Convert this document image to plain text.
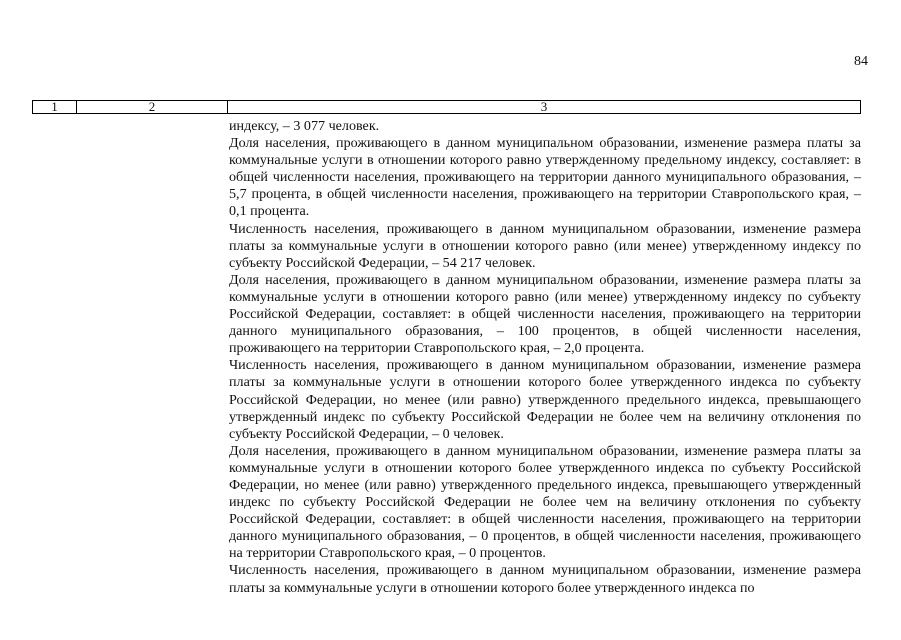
84
1	2	3

индексу, – 3 077 человек.

Доля населения, проживающего в данном муниципальном образовании, изменение размера платы за коммунальные услуги в отношении которого равно утвержденному предельному индексу, составляет: в общей численности населения, проживающего на территории данного муниципального образования, – 5,7 процента, в общей численности населения, проживающего на территории Ставропольского края, – 0,1 процента.

Численность населения, проживающего в данном муниципальном образовании, изменение размера платы за коммунальные услуги в отношении которого равно (или менее) утвержденному индексу по субъекту Российской Федерации, – 54 217 человек.

Доля населения, проживающего в данном муниципальном образовании, изменение размера платы за коммунальные услуги в отношении которого равно (или менее) утвержденному индексу по субъекту Российской Федерации, составляет: в общей численности населения, проживающего на территории данного муниципального образования, – 100 процентов, в общей численности населения, проживающего на территории Ставропольского края, – 2,0 процента.

Численность населения, проживающего в данном муниципальном образовании, изменение размера платы за коммунальные услуги в отношении которого более утвержденного индекса по субъекту Российской Федерации, но менее (или равно) утвержденного предельного индекса, превышающего утвержденный индекс по субъекту Российской Федерации не более чем на величину отклонения по субъекту Российской Федерации, – 0 человек.

Доля населения, проживающего в данном муниципальном образовании, изменение размера платы за коммунальные услуги в отношении которого более утвержденного индекса по субъекту Российской Федерации, но менее (или равно) утвержденного предельного индекса, превышающего утвержденный индекс по субъекту Российской Федерации не более чем на величину отклонения по субъекту Российской Федерации, составляет: в общей численности населения, проживающего на территории данного муниципального образования, – 0 процентов, в общей численности населения, проживающего на территории Ставропольского края, – 0 процентов.

Численность населения, проживающего в данном муниципальном образовании, изменение размера платы за коммунальные услуги в отношении которого более утвержденного индекса по
